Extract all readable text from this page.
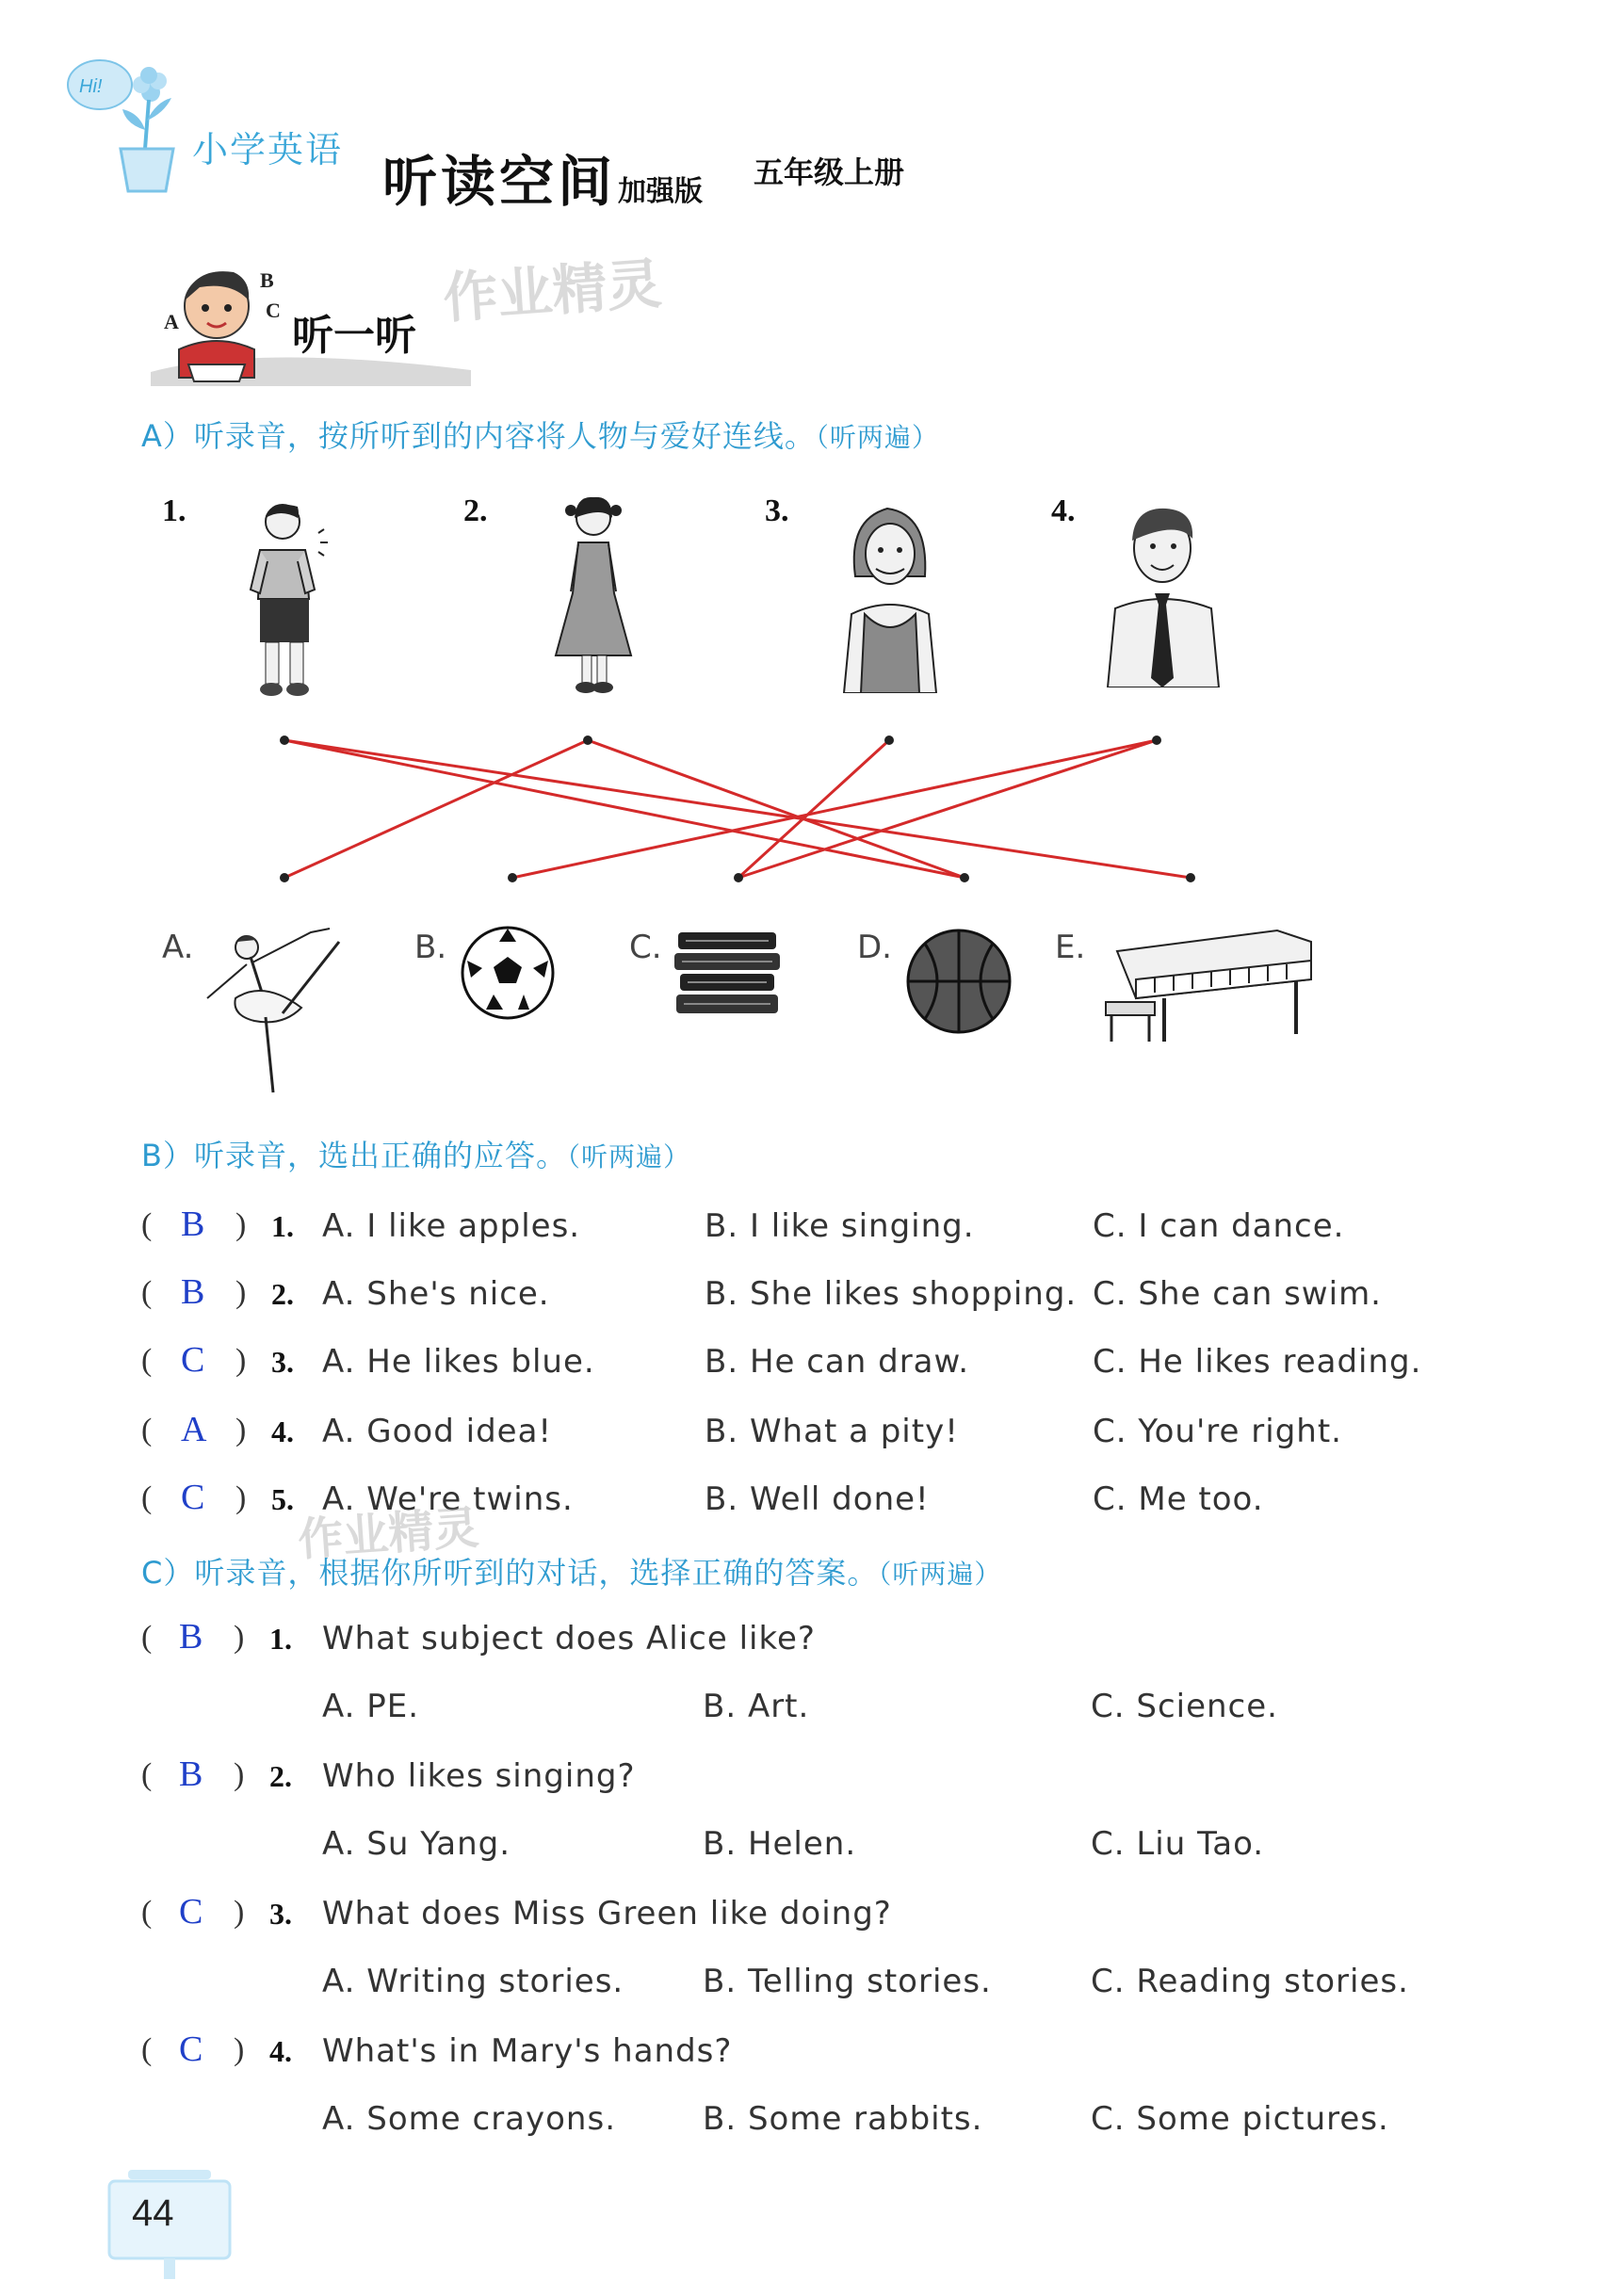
Hi!
小学英语 听读空间 加强版
五年级上册
B
C
A	听一听
作业精灵
A）听录音，按所听到的内容将人物与爱好连线。（听两遍）
1.	2.	3.	4.
A.	B.	C.	D.	E.
B）听录音，选出正确的应答。（听两遍）
( B ) 1. A. I like apples.	B. I like singing.	C. I can dance.
( B ) 2. A. She's nice.	B. She likes shopping. C. She can swim.
( C ) 3. A. He likes blue.	B. He can draw.	C. He likes reading.
( A ) 4. A. Good idea!	B. What a pity!	C. You're right.
( C ) 5. A. We're twins.	B. Well done!	C. Me too.
C）听录音，根据你所听到的对话，选择正确的答案。（听两遍）
作业精灵
( B ) 1. What subject does Alice like?
A. PE.	B. Art.	C. Science.
( B ) 2. Who likes singing?
A. Su Yang.	B. Helen.	C. Liu Tao.
( C ) 3. What does Miss Green like doing?
A. Writing stories. B. Telling stories.	C. Reading stories.
( C ) 4. What's in Mary's hands?
A. Some crayons.	B. Some rabbits.	C. Some pictures.
44
